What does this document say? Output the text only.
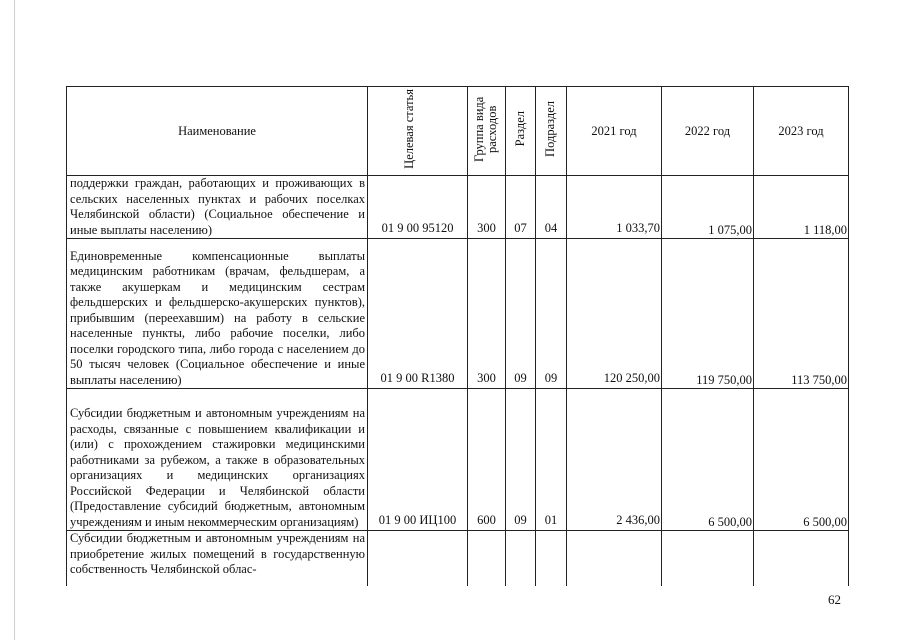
Наименование	Целевая статья	Группа вида расходов	Раздел	Подраздел	2021 год	2022 год	2023 год

поддержки граждан, работающих и проживающих в сельских населенных пунктах и рабочих поселках Челябинской области) (Социальное обеспечение и иные выплаты населению)	01 9 00 95120	300	07	04	1 033,70	1 075,00	1 118,00

Единовременные компенсационные выплаты медицинским работникам (врачам, фельдшерам, а также акушеркам и медицинским сестрам фельдшерских и фельдшерско-акушерских пунктов), прибывшим (переехавшим) на работу в сельские населенные пункты, либо рабочие поселки, либо поселки городского типа, либо города с населением до 50 тысяч человек (Социальное обеспечение и иные выплаты населению)	01 9 00 R1380	300	09	09	120 250,00	119 750,00	113 750,00

Субсидии бюджетным и автономным учреждениям на расходы, связанные с повышением квалификации и (или) с прохождением стажировки медицинскими работниками за рубежом, а также в образовательных организациях и медицинских организациях Российской Федерации и Челябинской области (Предоставление субсидий бюджетным, автономным учреждениям и иным некоммерческим организациям)	01 9 00 ИЦ100	600	09	01	2 436,00	6 500,00	6 500,00

Субсидии бюджетным и автономным учреждениям на приобретение жилых помещений в государственную собственность Челябинской облас-							

62
